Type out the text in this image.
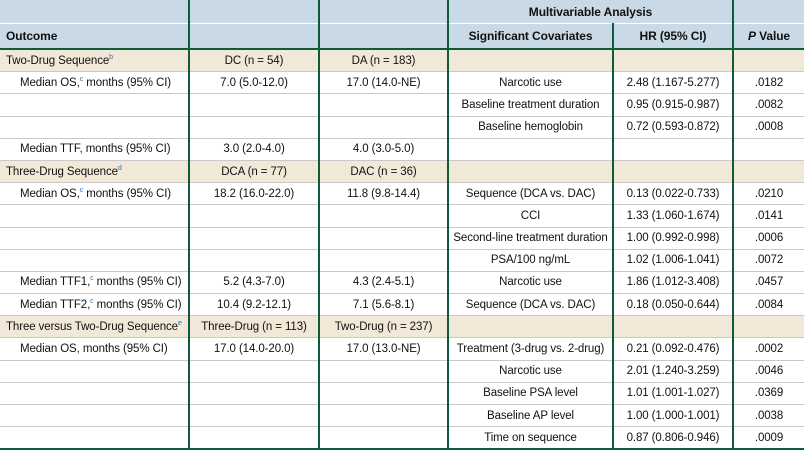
			Multivariable Analysis		
Outcome			Significant Covariates	HR (95% CI)	P Value
Two-Drug Sequence$^b$	DC (n = 54)	DA (n = 183)			
Median OS,$^c$ months (95% CI)	7.0 (5.0-12.0)	17.0 (14.0-NE)	Narcotic use	2.48 (1.167-5.277)	.0182
			Baseline treatment duration	0.95 (0.915-0.987)	.0082
			Baseline hemoglobin	0.72 (0.593-0.872)	.0008
Median TTF, months (95% CI)	3.0 (2.0-4.0)	4.0 (3.0-5.0)			
Three-Drug Sequence$^d$	DCA (n = 77)	DAC (n = 36)			
Median OS,$^c$ months (95% CI)	18.2 (16.0-22.0)	11.8 (9.8-14.4)	Sequence (DCA vs. DAC)	0.13 (0.022-0.733)	.0210
			CCI	1.33 (1.060-1.674)	.0141
			Second-line treatment duration	1.00 (0.992-0.998)	.0006
			PSA/100 ng/mL	1.02 (1.006-1.041)	.0072
Median TTF1,$^c$ months (95% CI)	5.2 (4.3-7.0)	4.3 (2.4-5.1)	Narcotic use	1.86 (1.012-3.408)	.0457
Median TTF2,$^c$ months (95% CI)	10.4 (9.2-12.1)	7.1 (5.6-8.1)	Sequence (DCA vs. DAC)	0.18 (0.050-0.644)	.0084
Three versus Two-Drug Sequence$^e$	Three-Drug (n = 113)	Two-Drug (n = 237)			
Median OS, months (95% CI)	17.0 (14.0-20.0)	17.0 (13.0-NE)	Treatment (3-drug vs. 2-drug)	0.21 (0.092-0.476)	.0002
			Narcotic use	2.01 (1.240-3.259)	.0046
			Baseline PSA level	1.01 (1.001-1.027)	.0369
			Baseline AP level	1.00 (1.000-1.001)	.0038
			Time on sequence	0.87 (0.806-0.946)	.0009
